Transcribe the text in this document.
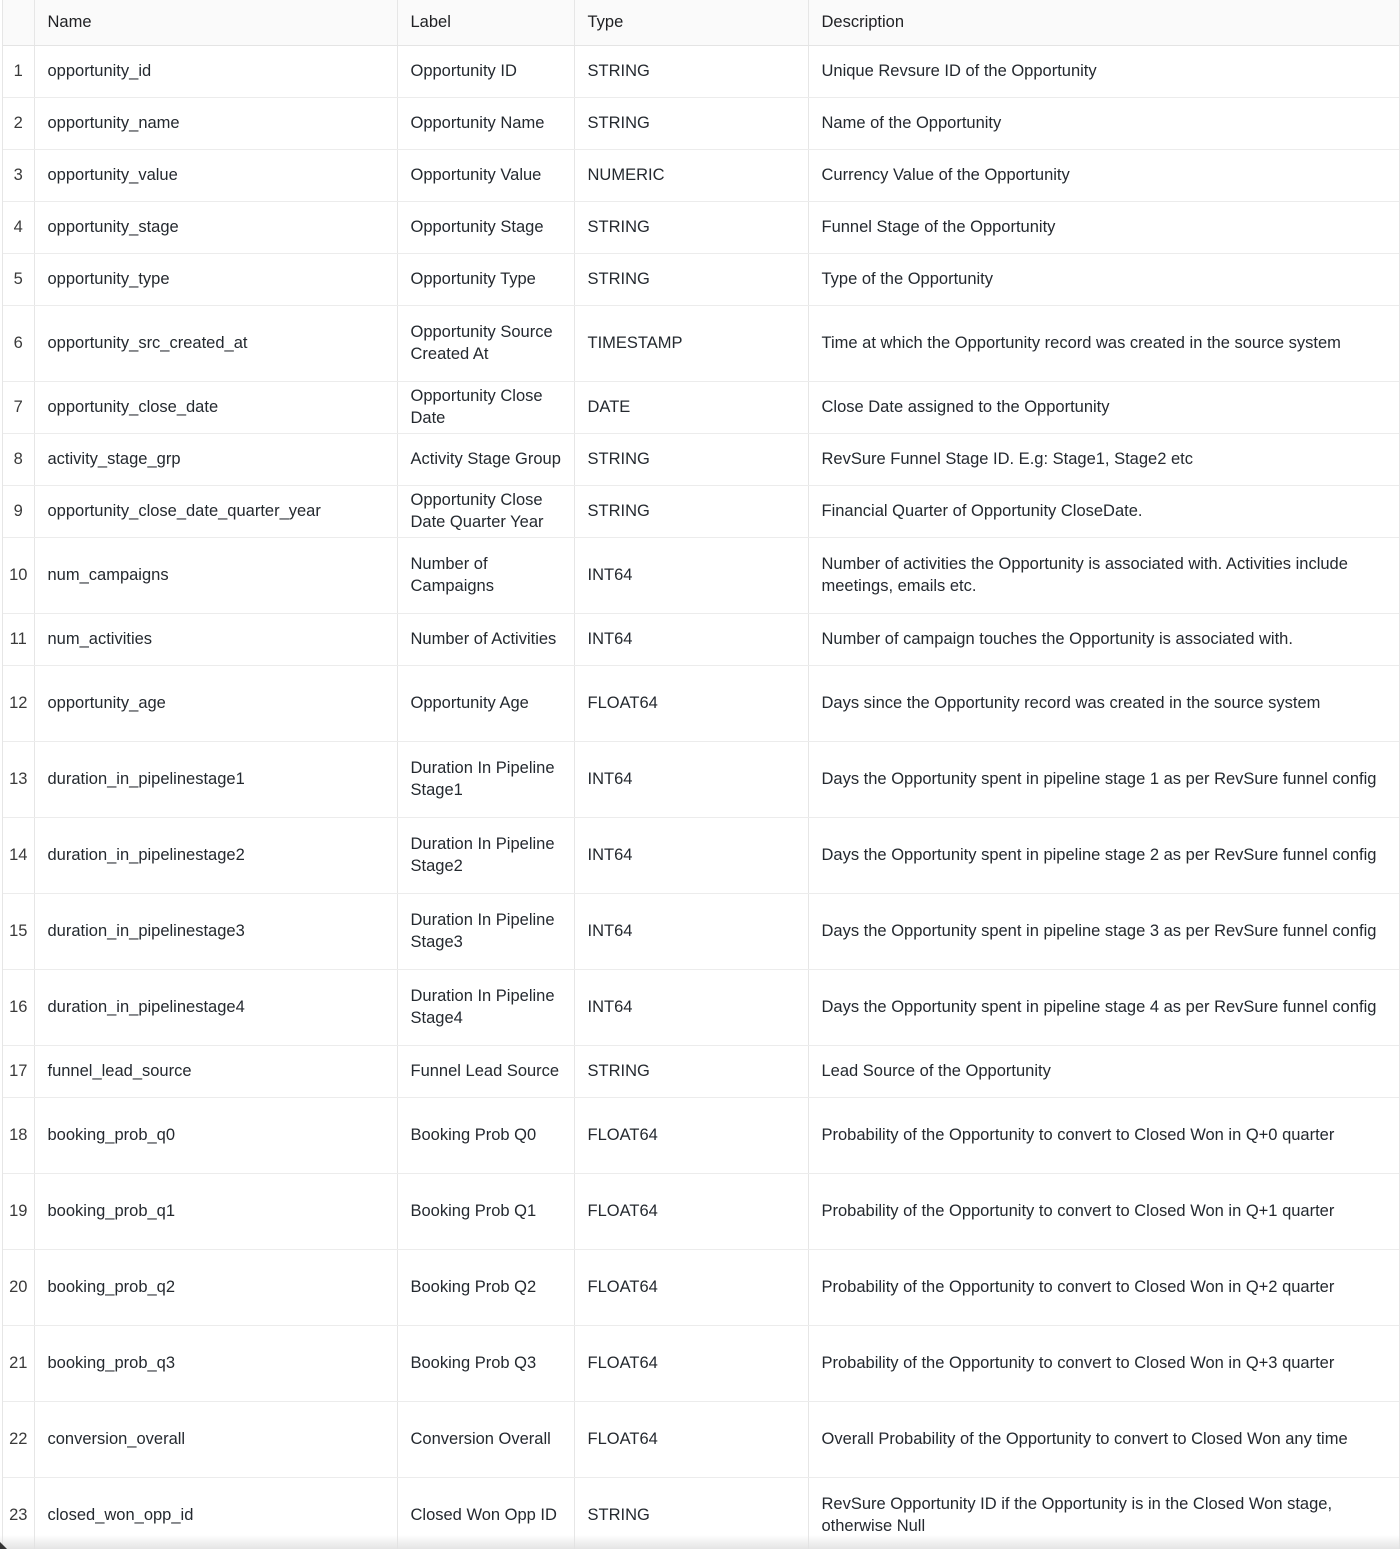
	Name	Label	Type	Description
1	opportunity_id	Opportunity ID	STRING	Unique Revsure ID of the Opportunity
2	opportunity_name	Opportunity Name	STRING	Name of the Opportunity
3	opportunity_value	Opportunity Value	NUMERIC	Currency Value of the Opportunity
4	opportunity_stage	Opportunity Stage	STRING	Funnel Stage of the Opportunity
5	opportunity_type	Opportunity Type	STRING	Type of the Opportunity
6	opportunity_src_created_at	Opportunity Source Created At	TIMESTAMP	Time at which the Opportunity record was created in the source system
7	opportunity_close_date	Opportunity Close Date	DATE	Close Date assigned to the Opportunity
8	activity_stage_grp	Activity Stage Group	STRING	RevSure Funnel Stage ID. E.g: Stage1, Stage2 etc
9	opportunity_close_date_quarter_year	Opportunity Close Date Quarter Year	STRING	Financial Quarter of Opportunity CloseDate.
10	num_campaigns	Number of Campaigns	INT64	Number of activities the Opportunity is associated with. Activities include meetings, emails etc.
11	num_activities	Number of Activities	INT64	Number of campaign touches the Opportunity is associated with.
12	opportunity_age	Opportunity Age	FLOAT64	Days since the Opportunity record was created in the source system
13	duration_in_pipelinestage1	Duration In Pipeline Stage1	INT64	Days the Opportunity spent in pipeline stage 1 as per RevSure funnel config
14	duration_in_pipelinestage2	Duration In Pipeline Stage2	INT64	Days the Opportunity spent in pipeline stage 2 as per RevSure funnel config
15	duration_in_pipelinestage3	Duration In Pipeline Stage3	INT64	Days the Opportunity spent in pipeline stage 3 as per RevSure funnel config
16	duration_in_pipelinestage4	Duration In Pipeline Stage4	INT64	Days the Opportunity spent in pipeline stage 4 as per RevSure funnel config
17	funnel_lead_source	Funnel Lead Source	STRING	Lead Source of the Opportunity
18	booking_prob_q0	Booking Prob Q0	FLOAT64	Probability of the Opportunity to convert to Closed Won in Q+0 quarter
19	booking_prob_q1	Booking Prob Q1	FLOAT64	Probability of the Opportunity to convert to Closed Won in Q+1 quarter
20	booking_prob_q2	Booking Prob Q2	FLOAT64	Probability of the Opportunity to convert to Closed Won in Q+2 quarter
21	booking_prob_q3	Booking Prob Q3	FLOAT64	Probability of the Opportunity to convert to Closed Won in Q+3 quarter
22	conversion_overall	Conversion Overall	FLOAT64	Overall Probability of the Opportunity to convert to Closed Won any time
23	closed_won_opp_id	Closed Won Opp ID	STRING	RevSure Opportunity ID if the Opportunity is in the Closed Won stage, otherwise Null
